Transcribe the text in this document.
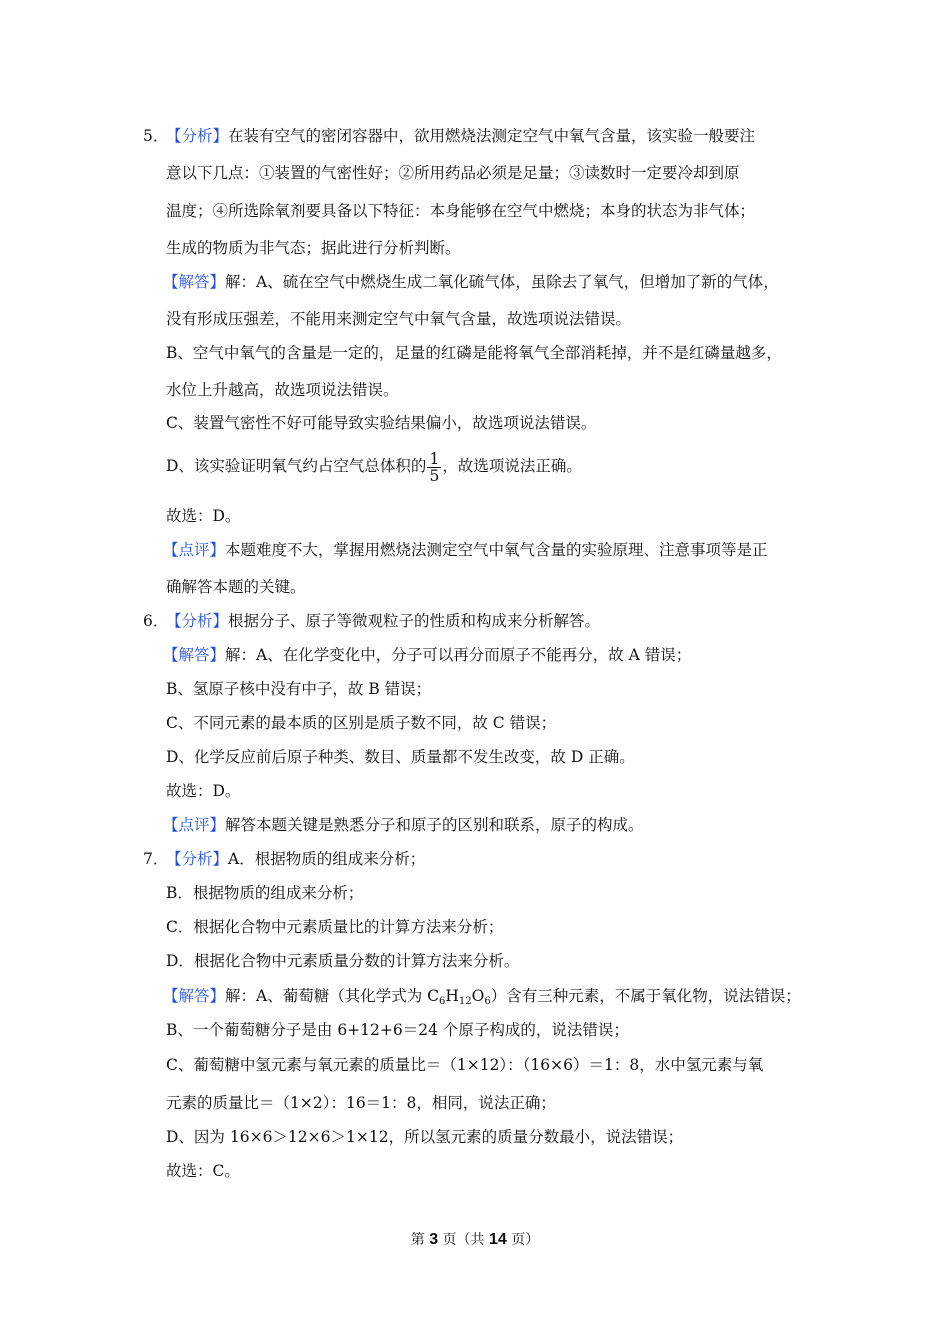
5．
【分析】在装有空气的密闭容器中，欲用燃烧法测定空气中氧气含量，该实验一般要注
意以下几点：①装置的气密性好；②所用药品必须是足量；③读数时一定要冷却到原
温度；④所选除氧剂要具备以下特征：本身能够在空气中燃烧；本身的状态为非气体；
生成的物质为非气态；据此进行分析判断。
【解答】解：A、硫在空气中燃烧生成二氧化硫气体，虽除去了氧气，但增加了新的气体，
没有形成压强差，不能用来测定空气中氧气含量，故选项说法错误。
B、空气中氧气的含量是一定的，足量的红磷是能将氧气全部消耗掉，并不是红磷量越多，
水位上升越高，故选项说法错误。
C、装置气密性不好可能导致实验结果偏小，故选项说法错误。
D、该实验证明氧气约占空气总体积的 $\frac{1}{5}$ ，故选项说法正确。
故选：D。
【点评】本题难度不大，掌握用燃烧法测定空气中氧气含量的实验原理、注意事项等是正
确解答本题的关键。
6．
【分析】根据分子、原子等微观粒子的性质和构成来分析解答。
【解答】解：A、在化学变化中，分子可以再分而原子不能再分，故 A 错误；
B、氢原子核中没有中子，故 B 错误；
C、不同元素的最本质的区别是质子数不同，故 C 错误；
D、化学反应前后原子种类、数目、质量都不发生改变，故 D 正确。
故选：D。
【点评】解答本题关键是熟悉分子和原子的区别和联系，原子的构成。
7．
【分析】A．根据物质的组成来分析；
B．根据物质的组成来分析；
C．根据化合物中元素质量比的计算方法来分析；
D．根据化合物中元素质量分数的计算方法来分析。
【解答】解：A、葡萄糖（其化学式为 $C_6H_{12}O_6$）含有三种元素，不属于氧化物，说法错误；
B、一个葡萄糖分子是由 6+12+6＝24 个原子构成的，说法错误；
C、葡萄糖中氢元素与氧元素的质量比＝（1×12）：（16×6）＝1：8，水中氢元素与氧
元素的质量比＝（1×2）：16＝1：8，相同，说法正确；
D、因为 16×6＞12×6＞1×12，所以氢元素的质量分数最小，说法错误；
故选：C。
第 3 页（共 14 页）
